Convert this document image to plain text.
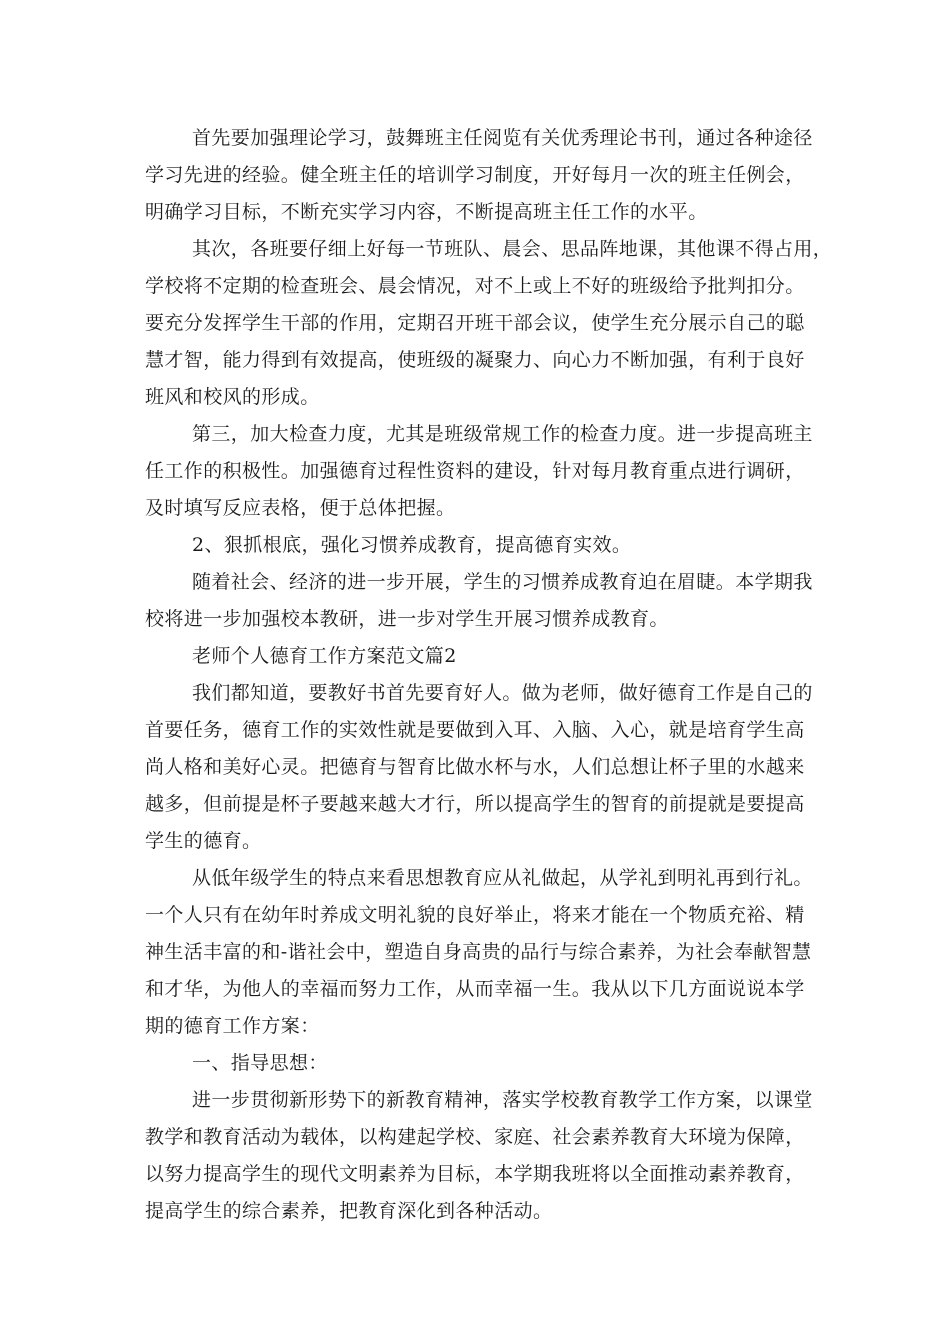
首先要加强理论学习，鼓舞班主任阅览有关优秀理论书刊，通过各种途径
学习先进的经验。健全班主任的培训学习制度，开好每月一次的班主任例会，
明确学习目标，不断充实学习内容，不断提高班主任工作的水平。
其次，各班要仔细上好每一节班队、晨会、思品阵地课，其他课不得占用，
学校将不定期的检查班会、晨会情况，对不上或上不好的班级给予批判扣分。
要充分发挥学生干部的作用，定期召开班干部会议，使学生充分展示自己的聪
慧才智，能力得到有效提高，使班级的凝聚力、向心力不断加强，有利于良好
班风和校风的形成。
第三，加大检查力度，尤其是班级常规工作的检查力度。进一步提高班主
任工作的积极性。加强德育过程性资料的建设，针对每月教育重点进行调研，
及时填写反应表格，便于总体把握。
2、狠抓根底，强化习惯养成教育，提高德育实效。
随着社会、经济的进一步开展，学生的习惯养成教育迫在眉睫。本学期我
校将进一步加强校本教研，进一步对学生开展习惯养成教育。
老师个人德育工作方案范文篇2
我们都知道，要教好书首先要育好人。做为老师，做好德育工作是自己的
首要任务，德育工作的实效性就是要做到入耳、入脑、入心，就是培育学生高
尚人格和美好心灵。把德育与智育比做水杯与水，人们总想让杯子里的水越来
越多，但前提是杯子要越来越大才行，所以提高学生的智育的前提就是要提高
学生的德育。
从低年级学生的特点来看思想教育应从礼做起，从学礼到明礼再到行礼。
一个人只有在幼年时养成文明礼貌的良好举止，将来才能在一个物质充裕、精
神生活丰富的和-谐社会中，塑造自身高贵的品行与综合素养，为社会奉献智慧
和才华，为他人的幸福而努力工作，从而幸福一生。我从以下几方面说说本学
期的德育工作方案：
一、指导思想：
进一步贯彻新形势下的新教育精神，落实学校教育教学工作方案，以课堂
教学和教育活动为载体，以构建起学校、家庭、社会素养教育大环境为保障，
以努力提高学生的现代文明素养为目标，本学期我班将以全面推动素养教育，
提高学生的综合素养，把教育深化到各种活动。
